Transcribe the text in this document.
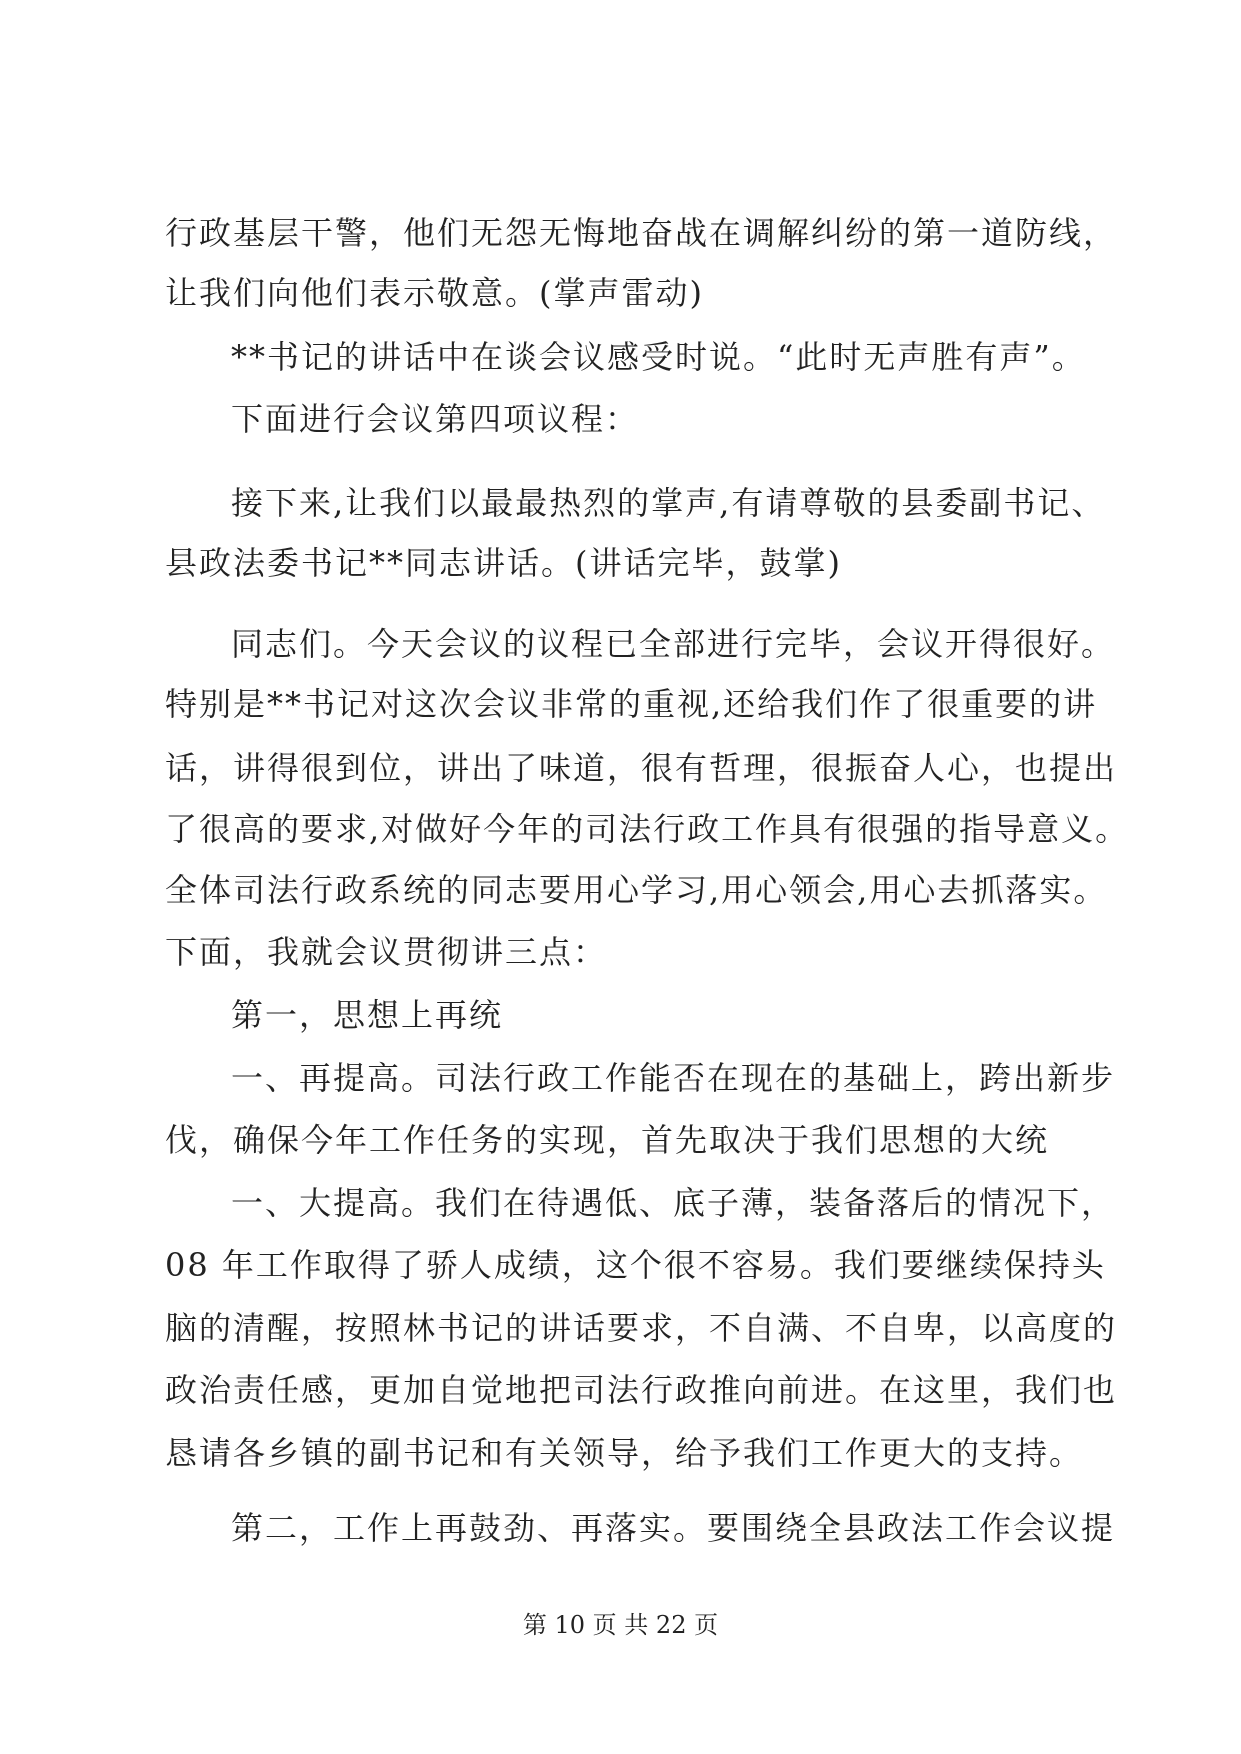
行政基层干警，他们无怨无悔地奋战在调解纠纷的第一道防线，
让我们向他们表示敬意。(掌声雷动)
**书记的讲话中在谈会议感受时说。“此时无声胜有声”。
下面进行会议第四项议程：
接下来,让我们以最最热烈的掌声,有请尊敬的县委副书记、
县政法委书记**同志讲话。(讲话完毕，鼓掌)
同志们。今天会议的议程已全部进行完毕，会议开得很好。
特别是**书记对这次会议非常的重视,还给我们作了很重要的讲
话，讲得很到位，讲出了味道，很有哲理，很振奋人心，也提出
了很高的要求,对做好今年的司法行政工作具有很强的指导意义。
全体司法行政系统的同志要用心学习,用心领会,用心去抓落实。
下面，我就会议贯彻讲三点：
第一，思想上再统
一、再提高。司法行政工作能否在现在的基础上，跨出新步
伐，确保今年工作任务的实现，首先取决于我们思想的大统
一、大提高。我们在待遇低、底子薄，装备落后的情况下，
08 年工作取得了骄人成绩，这个很不容易。我们要继续保持头
脑的清醒，按照林书记的讲话要求，不自满、不自卑，以高度的
政治责任感，更加自觉地把司法行政推向前进。在这里，我们也
恳请各乡镇的副书记和有关领导，给予我们工作更大的支持。
第二，工作上再鼓劲、再落实。要围绕全县政法工作会议提
第 10 页 共 22 页
